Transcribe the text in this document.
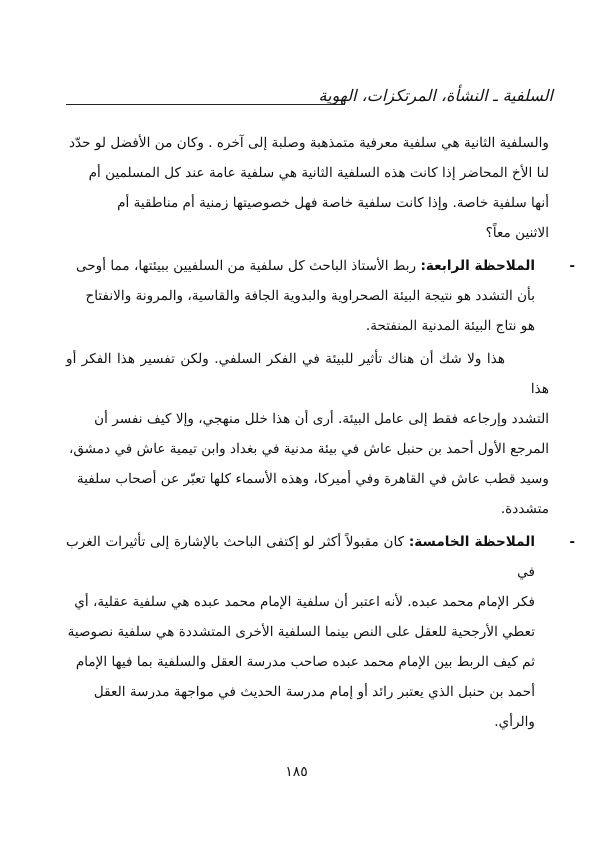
السلفية ـ النشأة، المرتكزات، الهوية

والسلفية الثانية هي سلفية معرفية متمذهبة وصلبة إلى آخره . وكان من الأفضل لو حدّد

لنا الأخ المحاضر إذا كانت هذه السلفية الثانية هي سلفية عامة عند كل المسلمين أم

أنها سلفية خاصة. وإذا كانت سلفية خاصة فهل خصوصيتها زمنية أم مناطقية أم

الاثنين معاً؟

-

الملاحظة الرابعة: ربط الأستاذ الباحث كل سلفية من السلفيين ببيئتها، مما أوحى

بأن التشدد هو نتيجة البيئة الصحراوية والبدوية الجافة والقاسية، والمرونة والانفتاح

هو نتاج البيئة المدنية المنفتحة.

هذا ولا شك أن هناك تأثير للبيئة في الفكر السلفي. ولكن تفسير هذا الفكر أو هذا

التشدد وإرجاعه فقط إلى عامل البيئة. أرى أن هذا خلل منهجي، وإلا كيف نفسر أن

المرجع الأول أحمد بن حنبل عاش في بيئة مدنية في بغداد وابن تيمية عاش في دمشق،

وسيد قطب عاش في القاهرة وفي أميركا، وهذه الأسماء كلها تعبّر عن أصحاب سلفية

متشددة.

-

الملاحظة الخامسة: كان مقبولاً أكثر لو إكتفى الباحث بالإشارة إلى تأثيرات الغرب في

فكر الإمام محمد عبده. لأنه اعتبر أن سلفية الإمام محمد عبده هي سلفية عقلية، أي

تعطي الأرجحية للعقل على النص بينما السلفية الأخرى المتشددة هي سلفية نصوصية

ثم كيف الربط بين الإمام محمد عبده صاحب مدرسة العقل والسلفية بما فيها الإمام

أحمد بن حنبل الذي يعتبر رائد أو إمام مدرسة الحديث في مواجهة مدرسة العقل

والرأي.

١٨٥
